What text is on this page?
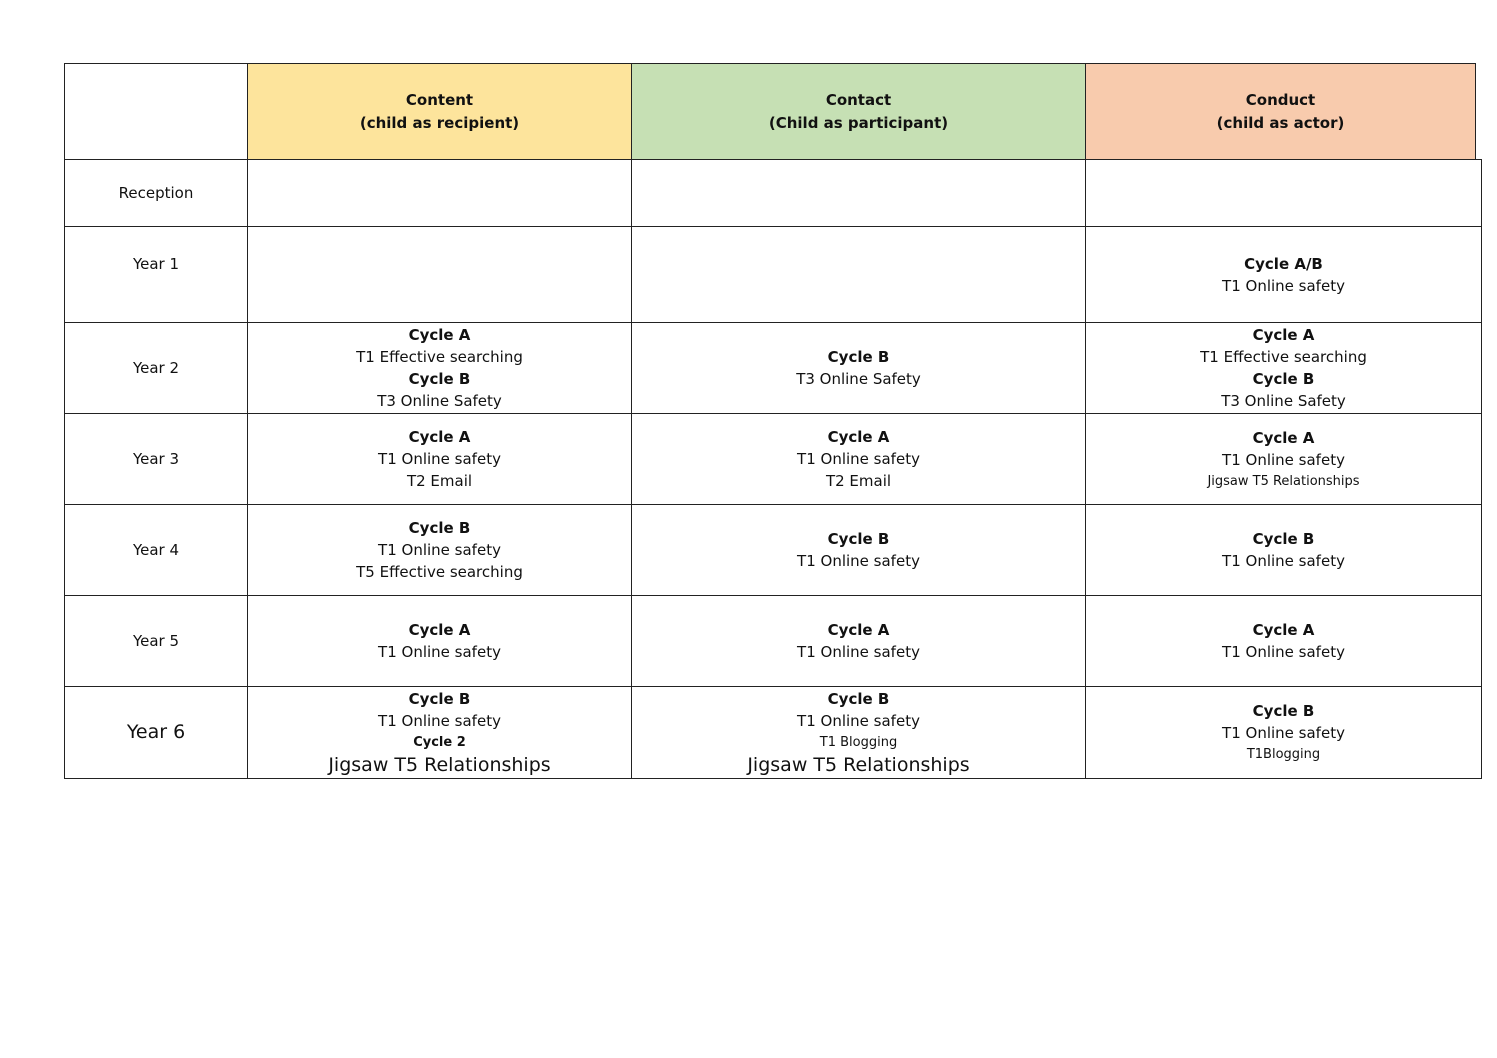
Content
(child as recipient)
Contact
(Child as participant)
Conduct
(child as actor)
Reception
Year 1	Cycle A/B
T1 Online safety
Year 2
Cycle A
T1 Effective searching
Cycle B
T3 Online Safety
Cycle B
T3 Online Safety
Cycle A
T1 Effective searching
Cycle B
T3 Online Safety
Year 3
Cycle A
T1 Online safety
T2 Email
Cycle A
T1 Online safety
T2 Email
Cycle A
T1 Online safety
Jigsaw T5 Relationships
Year 4
Cycle B
T1 Online safety
T5 Effective searching
Cycle B
T1 Online safety
Cycle B
T1 Online safety
Year 5
Cycle A
T1 Online safety
Cycle A
T1 Online safety
Cycle A
T1 Online safety
Year 6
Cycle B
T1 Online safety
Cycle 2
Jigsaw T5 Relationships
Cycle B
T1 Online safety
T1 Blogging
Jigsaw T5 Relationships
Cycle B
T1 Online safety
T1Blogging
